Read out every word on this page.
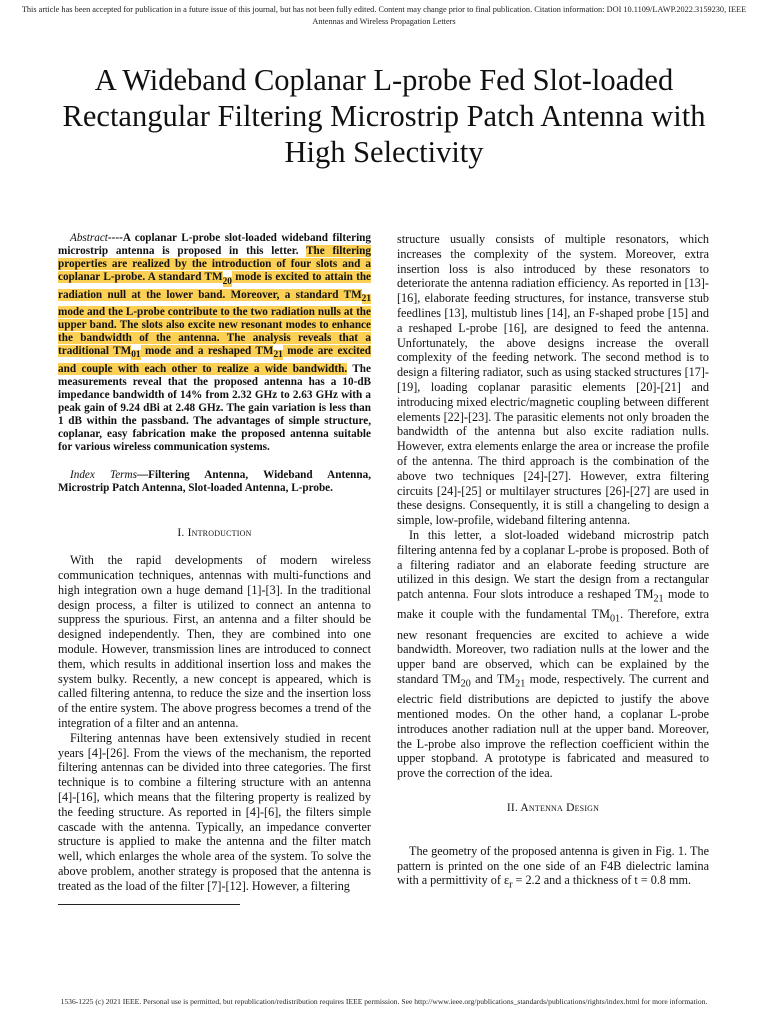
This article has been accepted for publication in a future issue of this journal, but has not been fully edited. Content may change prior to final publication. Citation information: DOI 10.1109/LAWP.2022.3159230, IEEE Antennas and Wireless Propagation Letters
A Wideband Coplanar L-probe Fed Slot-loaded Rectangular Filtering Microstrip Patch Antenna with High Selectivity

Abstract----A coplanar L-probe slot-loaded wideband filtering microstrip antenna is proposed in this letter. The filtering properties are realized by the introduction of four slots and a coplanar L-probe. A standard $TM_{20}$ mode is excited to attain the radiation null at the lower band. Moreover, a standard $TM_{21}$ mode and the L-probe contribute to the two radiation nulls at the upper band. The slots also excite new resonant modes to enhance the bandwidth of the antenna. The analysis reveals that a traditional $TM_{01}$ mode and a reshaped $TM_{21}$ mode are excited and couple with each other to realize a wide bandwidth. The measurements reveal that the proposed antenna has a 10-dB impedance bandwidth of 14% from 2.32 GHz to 2.63 GHz with a peak gain of 9.24 dBi at 2.48 GHz. The gain variation is less than 1 dB within the passband. The advantages of simple structure, coplanar, easy fabrication make the proposed antenna suitable for various wireless communication systems.

Index Terms—Filtering Antenna, Wideband Antenna, Microstrip Patch Antenna, Slot-loaded Antenna, L-probe.

I. Introduction

With the rapid developments of modern wireless communication techniques, antennas with multi-functions and high integration own a huge demand [1]-[3]. In the traditional design process, a filter is utilized to connect an antenna to suppress the spurious. First, an antenna and a filter should be designed independently. Then, they are combined into one module. However, transmission lines are introduced to connect them, which results in additional insertion loss and makes the system bulky. Recently, a new concept is appeared, which is called filtering antenna, to reduce the size and the insertion loss of the entire system. The above progress becomes a trend of the integration of a filter and an antenna.

Filtering antennas have been extensively studied in recent years [4]-[26]. From the views of the mechanism, the reported filtering antennas can be divided into three categories. The first technique is to combine a filtering structure with an antenna [4]-[16], which means that the filtering property is realized by the feeding structure. As reported in [4]-[6], the filters simple cascade with the antenna. Typically, an impedance converter structure is applied to make the antenna and the filter match well, which enlarges the whole area of the system. To solve the above problem, another strategy is proposed that the antenna is treated as the load of the filter [7]-[12]. However, a filtering

structure usually consists of multiple resonators, which increases the complexity of the system. Moreover, extra insertion loss is also introduced by these resonators to deteriorate the antenna radiation efficiency. As reported in [13]-[16], elaborate feeding structures, for instance, transverse stub feedlines [13], multistub lines [14], an F-shaped probe [15] and a reshaped L-probe [16], are designed to feed the antenna. Unfortunately, the above designs increase the overall complexity of the feeding network. The second method is to design a filtering radiator, such as using stacked structures [17]-[19], loading coplanar parasitic elements [20]-[21] and introducing mixed electric/magnetic coupling between different elements [22]-[23]. The parasitic elements not only broaden the bandwidth of the antenna but also excite radiation nulls. However, extra elements enlarge the area or increase the profile of the antenna. The third approach is the combination of the above two techniques [24]-[27]. However, extra filtering circuits [24]-[25] or multilayer structures [26]-[27] are used in these designs. Consequently, it is still a changeling to design a simple, low-profile, wideband filtering antenna.

In this letter, a slot-loaded wideband microstrip patch filtering antenna fed by a coplanar L-probe is proposed. Both of a filtering radiator and an elaborate feeding structure are utilized in this design. We start the design from a rectangular patch antenna. Four slots introduce a reshaped $TM_{21}$ mode to make it couple with the fundamental $TM_{01}$. Therefore, extra new resonant frequencies are excited to achieve a wide bandwidth. Moreover, two radiation nulls at the lower and the upper band are observed, which can be explained by the standard $TM_{20}$ and $TM_{21}$ mode, respectively. The current and electric field distributions are depicted to justify the above mentioned modes. On the other hand, a coplanar L-probe introduces another radiation null at the upper band. Moreover, the L-probe also improve the reflection coefficient within the upper stopband. A prototype is fabricated and measured to prove the correction of the idea.

II. Antenna Design

The geometry of the proposed antenna is given in Fig. 1. The pattern is printed on the one side of an F4B dielectric lamina with a permittivity of $\varepsilon_r = 2.2$ and a thickness of t = 0.8 mm.

1536-1225 (c) 2021 IEEE. Personal use is permitted, but republication/redistribution requires IEEE permission. See http://www.ieee.org/publications_standards/publications/rights/index.html for more information.
